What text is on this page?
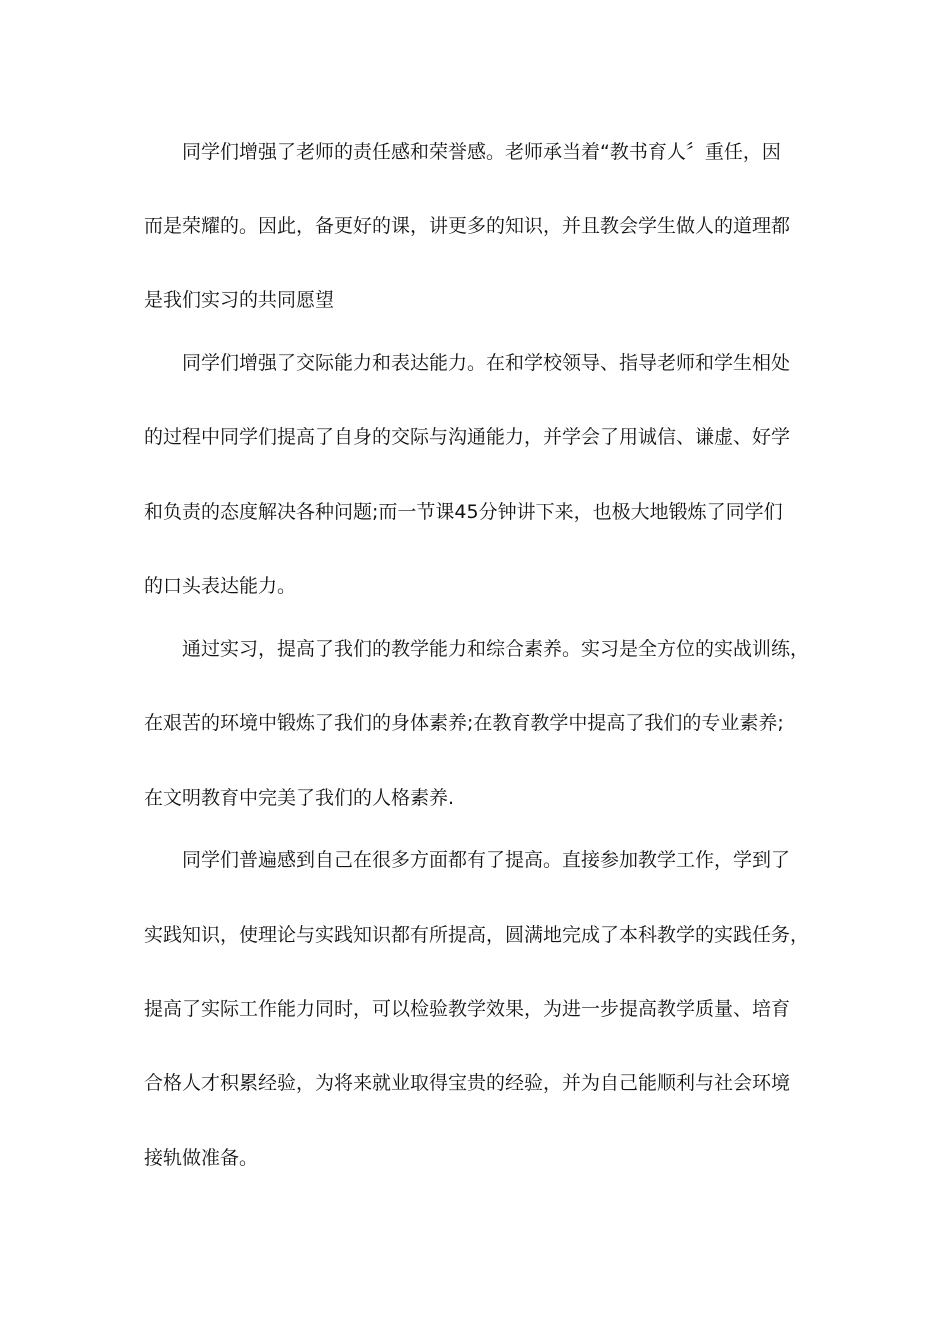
同学们增强了老师的责任感和荣誉感。老师承当着“教书育人〞重任，因
而是荣耀的。因此，备更好的课，讲更多的知识，并且教会学生做人的道理都
是我们实习的共同愿望
同学们增强了交际能力和表达能力。在和学校领导、指导老师和学生相处
的过程中同学们提高了自身的交际与沟通能力，并学会了用诚信、谦虚、好学
和负责的态度解决各种问题;而一节课45分钟讲下来，也极大地锻炼了同学们
的口头表达能力。
通过实习，提高了我们的教学能力和综合素养。实习是全方位的实战训练，
在艰苦的环境中锻炼了我们的身体素养;在教育教学中提高了我们的专业素养;
在文明教育中完美了我们的人格素养.
同学们普遍感到自己在很多方面都有了提高。直接参加教学工作，学到了
实践知识，使理论与实践知识都有所提高，圆满地完成了本科教学的实践任务，
提高了实际工作能力同时，可以检验教学效果，为进一步提高教学质量、培育
合格人才积累经验，为将来就业取得宝贵的经验，并为自己能顺利与社会环境
接轨做准备。
